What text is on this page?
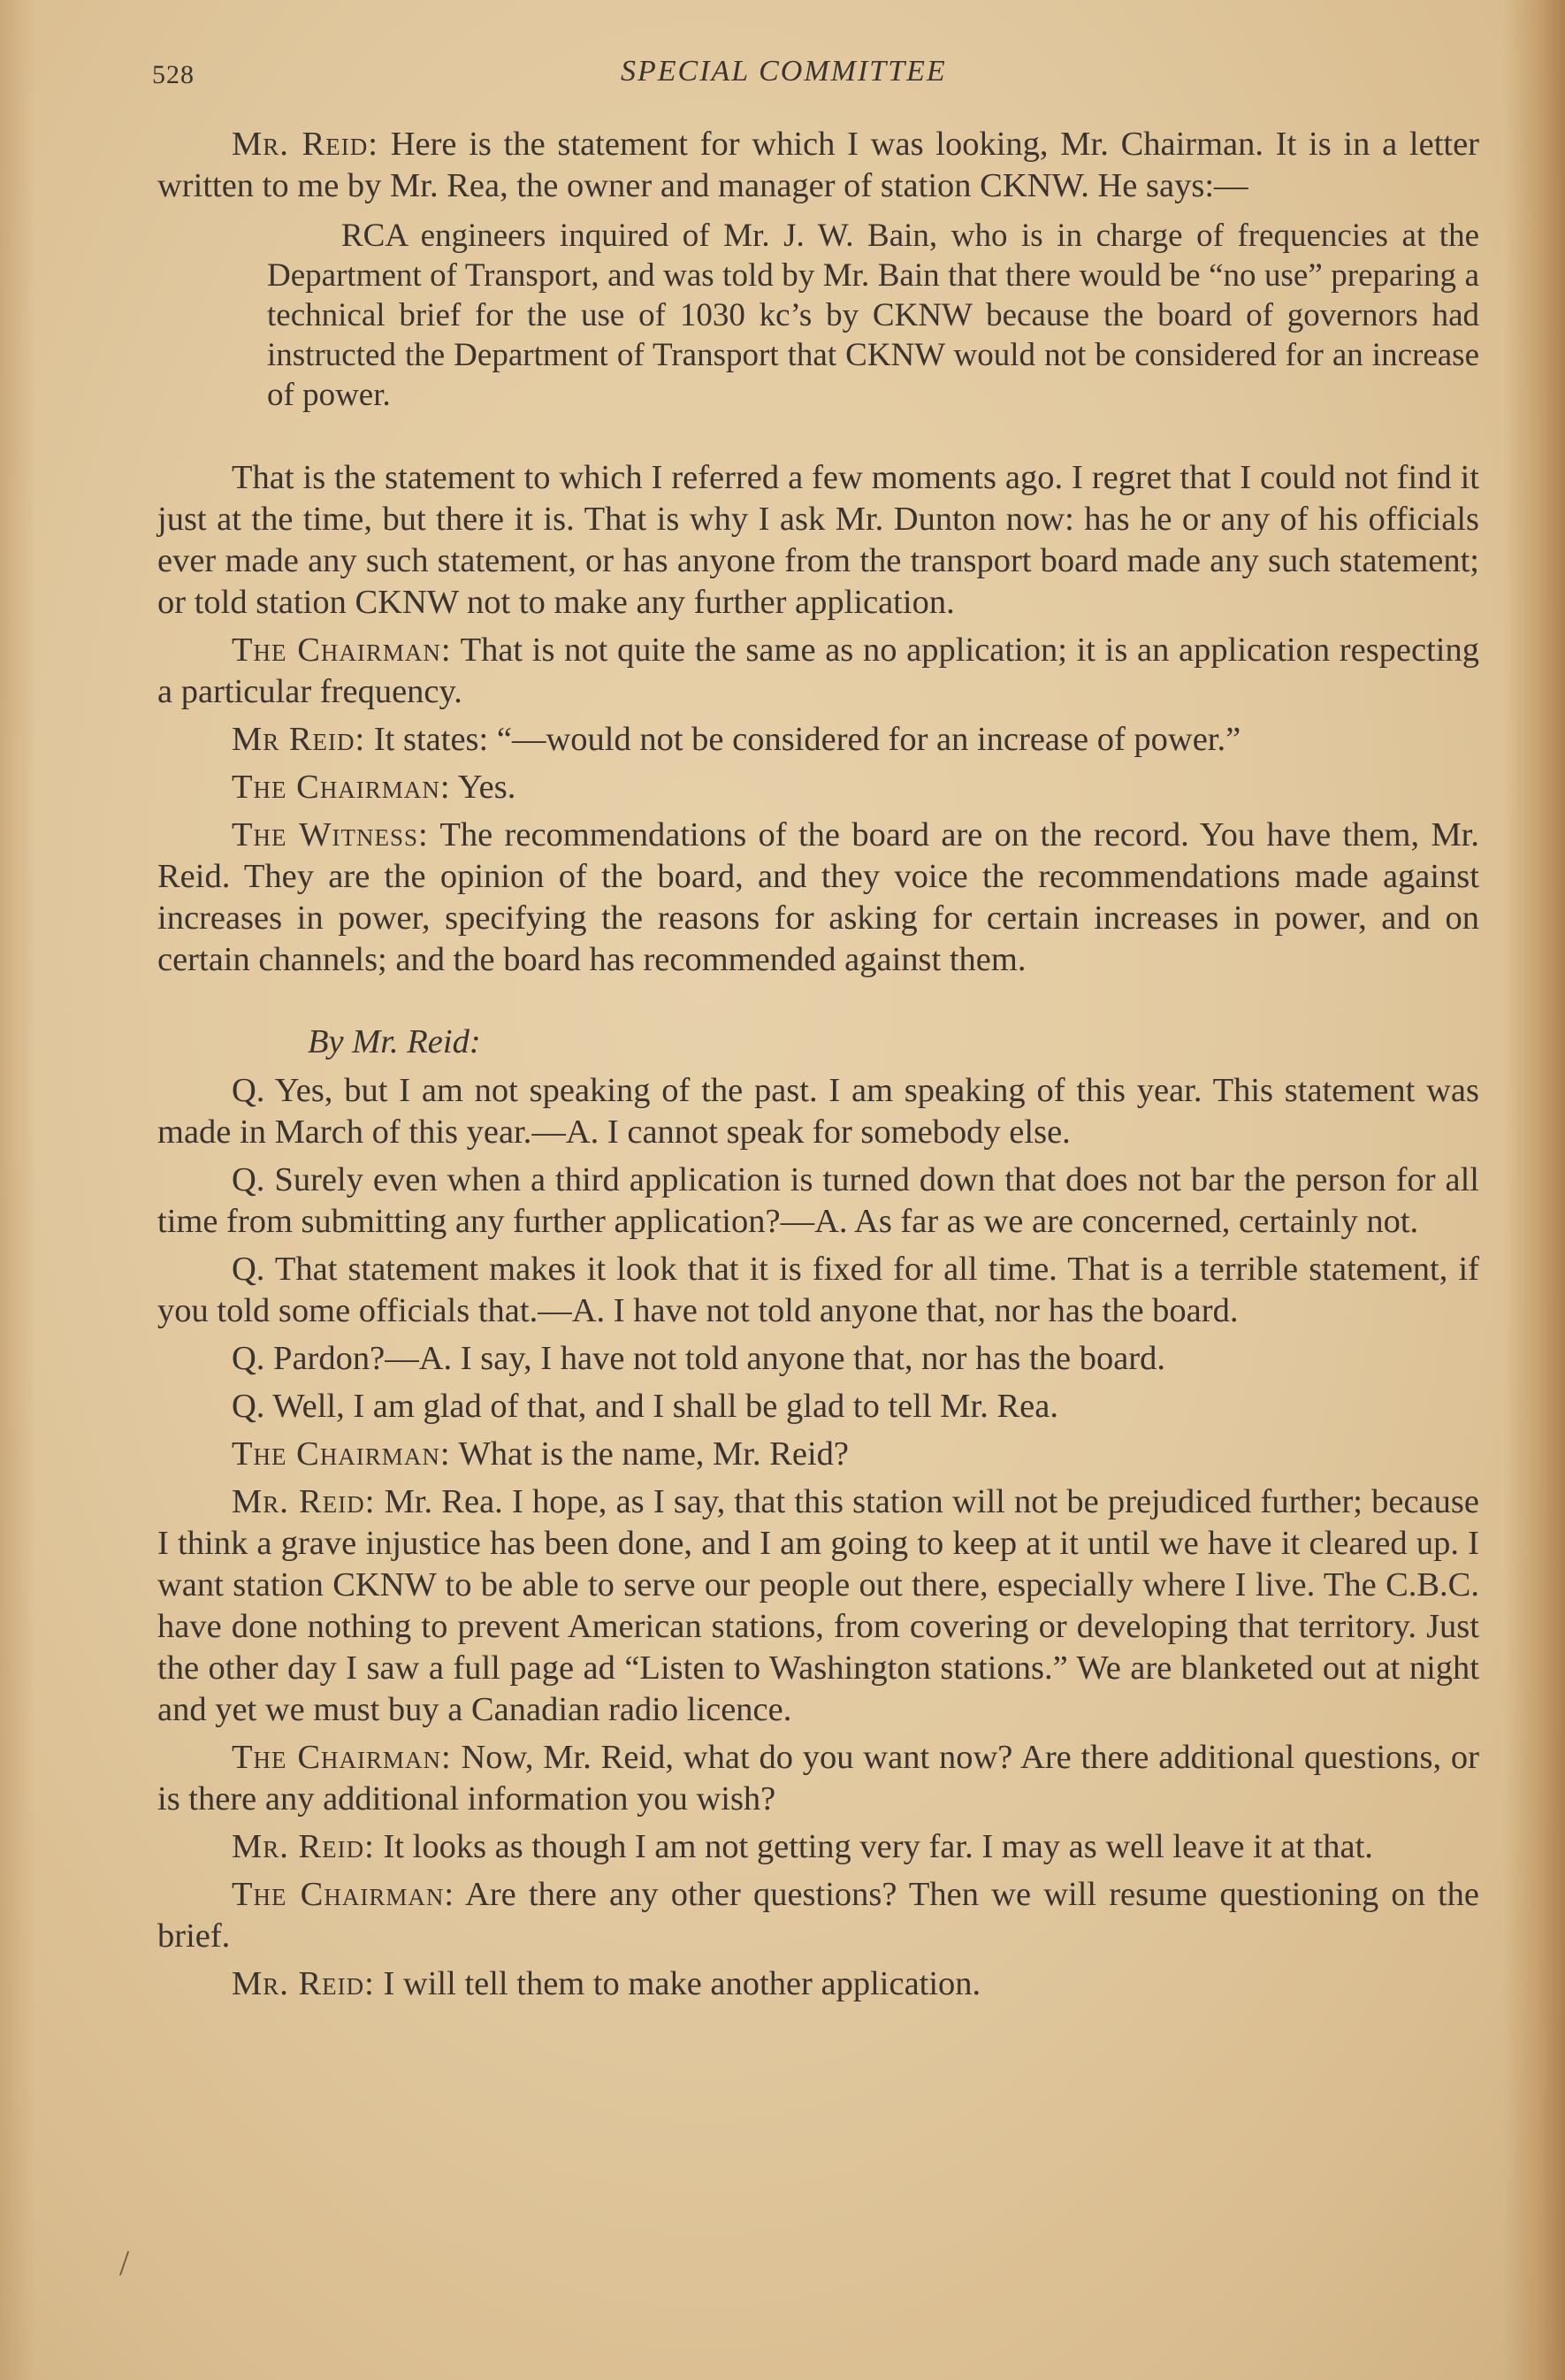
528	SPECIAL COMMITTEE

Mr. Reid: Here is the statement for which I was looking, Mr. Chairman. It is in a letter written to me by Mr. Rea, the owner and manager of station CKNW. He says:—

RCA engineers inquired of Mr. J. W. Bain, who is in charge of frequencies at the Department of Transport, and was told by Mr. Bain that there would be “no use” preparing a technical brief for the use of 1030 kc’s by CKNW because the board of governors had instructed the Department of Transport that CKNW would not be considered for an increase of power.

That is the statement to which I referred a few moments ago. I regret that I could not find it just at the time, but there it is. That is why I ask Mr. Dunton now: has he or any of his officials ever made any such statement, or has anyone from the transport board made any such statement; or told station CKNW not to make any further application.

The Chairman: That is not quite the same as no application; it is an application respecting a particular frequency.

Mr Reid: It states: “—would not be considered for an increase of power.”

The Chairman: Yes.

The Witness: The recommendations of the board are on the record. You have them, Mr. Reid. They are the opinion of the board, and they voice the recommendations made against increases in power, specifying the reasons for asking for certain increases in power, and on certain channels; and the board has recommended against them.

By Mr. Reid:

Q. Yes, but I am not speaking of the past. I am speaking of this year. This statement was made in March of this year.—A. I cannot speak for somebody else.

Q. Surely even when a third application is turned down that does not bar the person for all time from submitting any further application?—A. As far as we are concerned, certainly not.

Q. That statement makes it look that it is fixed for all time. That is a terrible statement, if you told some officials that.—A. I have not told anyone that, nor has the board.

Q. Pardon?—A. I say, I have not told anyone that, nor has the board.

Q. Well, I am glad of that, and I shall be glad to tell Mr. Rea.

The Chairman: What is the name, Mr. Reid?

Mr. Reid: Mr. Rea. I hope, as I say, that this station will not be prejudiced further; because I think a grave injustice has been done, and I am going to keep at it until we have it cleared up. I want station CKNW to be able to serve our people out there, especially where I live. The C.B.C. have done nothing to prevent American stations, from covering or developing that territory. Just the other day I saw a full page ad “Listen to Washington stations.” We are blanketed out at night and yet we must buy a Canadian radio licence.

The Chairman: Now, Mr. Reid, what do you want now? Are there additional questions, or is there any additional information you wish?

Mr. Reid: It looks as though I am not getting very far. I may as well leave it at that.

The Chairman: Are there any other questions? Then we will resume questioning on the brief.

Mr. Reid: I will tell them to make another application.

/
